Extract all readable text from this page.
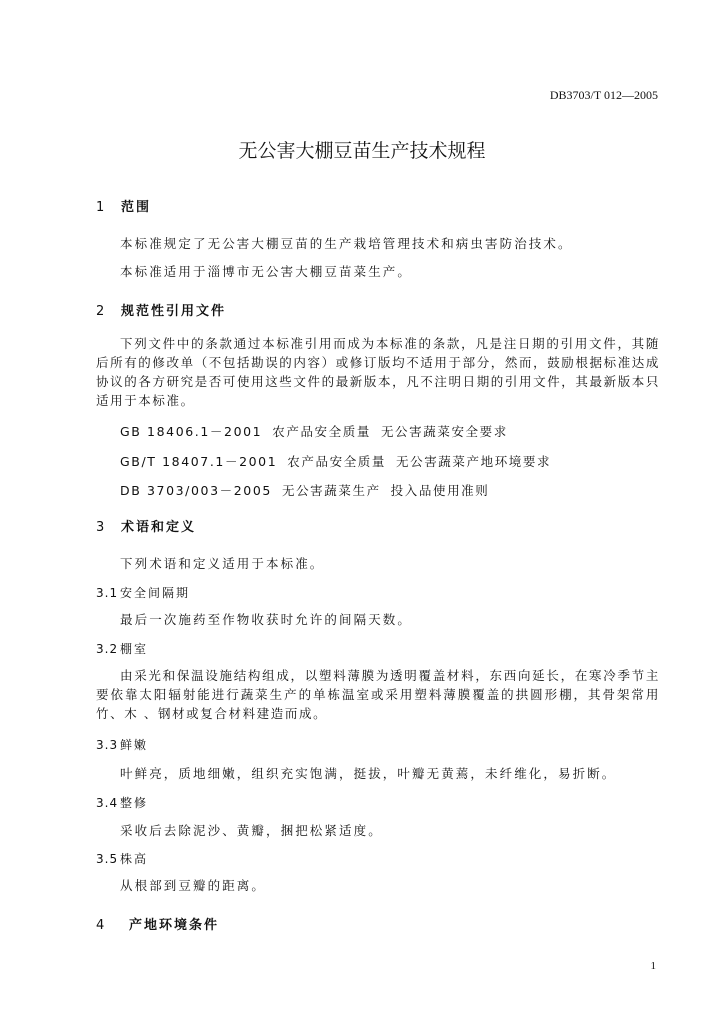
DB3703/T 012—2005
无公害大棚豆苗生产技术规程
1 范围
本标准规定了无公害大棚豆苗的生产栽培管理技术和病虫害防治技术。
本标准适用于淄博市无公害大棚豆苗菜生产。
2 规范性引用文件

下列文件中的条款通过本标准引用而成为本标准的条款，凡是注日期的引用文件，其随后所有的修改单（不包括勘误的内容）或修订版均不适用于部分，然而，鼓励根据标准达成协议的各方研究是否可使用这些文件的最新版本，凡不注明日期的引用文件，其最新版本只适用于本标准。

GB 18406.1－2001 农产品安全质量 无公害蔬菜安全要求
GB/T 18407.1－2001 农产品安全质量 无公害蔬菜产地环境要求
DB 3703/003－2005 无公害蔬菜生产 投入品使用准则
3 术语和定义
下列术语和定义适用于本标准。
3.1 安全间隔期
最后一次施药至作物收获时允许的间隔天数。
3.2 棚室

由采光和保温设施结构组成，以塑料薄膜为透明覆盖材料，东西向延长，在寒冷季节主要依靠太阳辐射能进行蔬菜生产的单栋温室或采用塑料薄膜覆盖的拱圆形棚，其骨架常用竹、木 、钢材或复合材料建造而成。

3.3 鲜嫩
叶鲜亮，质地细嫩，组织充实饱满，挺拔，叶瓣无黄蔫，未纤维化，易折断。
3.4 整修
采收后去除泥沙、黄瓣，捆把松紧适度。
3.5 株高
从根部到豆瓣的距离。
4 产地环境条件
1
